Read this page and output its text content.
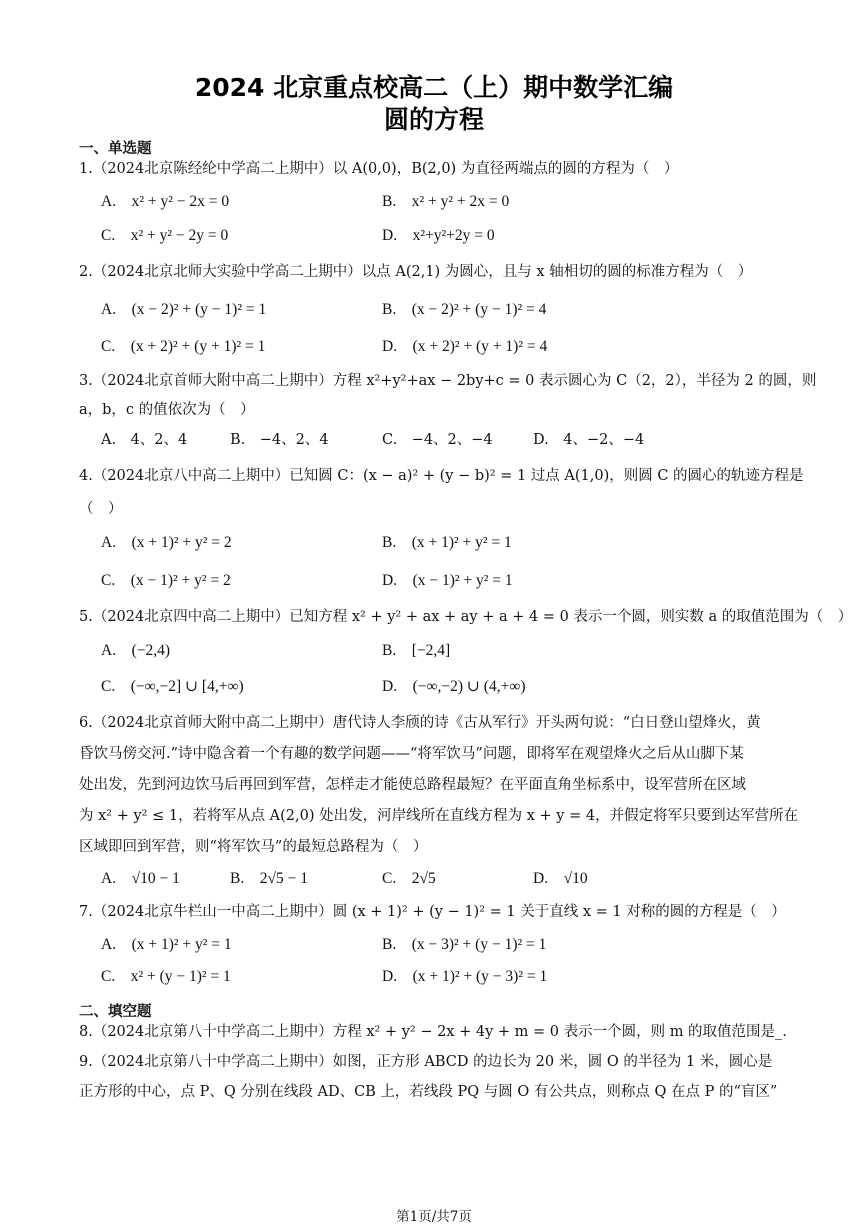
2024 北京重点校高二（上）期中数学汇编
圆的方程
一、单选题
1.（2024北京陈经纶中学高二上期中）以 A(0,0)，B(2,0) 为直径两端点的圆的方程为（　）
A.　x² + y² − 2x = 0	B.　x² + y² + 2x = 0
C.　x² + y² − 2y = 0	D.　x²+y²+2y = 0
2.（2024北京北师大实验中学高二上期中）以点 A(2,1) 为圆心，且与 x 轴相切的圆的标准方程为（　）
A.　(x − 2)² + (y − 1)² = 1	B.　(x − 2)² + (y − 1)² = 4
C.　(x + 2)² + (y + 1)² = 1	D.　(x + 2)² + (y + 1)² = 4
3.（2024北京首师大附中高二上期中）方程 x²+y²+ax − 2by+c = 0 表示圆心为 C（2，2），半径为 2 的圆，则
a，b，c 的值依次为（　）
A.　4、2、4	B.　−4、2、4	C.　−4、2、−4	D.　4、−2、−4
4.（2024北京八中高二上期中）已知圆 C：(x − a)² + (y − b)² = 1 过点 A(1,0)，则圆 C 的圆心的轨迹方程是
（　）
A.　(x + 1)² + y² = 2	B.　(x + 1)² + y² = 1
C.　(x − 1)² + y² = 2	D.　(x − 1)² + y² = 1
5.（2024北京四中高二上期中）已知方程 x² + y² + ax + ay + a + 4 = 0 表示一个圆，则实数 a 的取值范围为（　）
A.　(−2,4)	B.　[−2,4]
C.　(−∞,−2] ∪ [4,+∞)	D.　(−∞,−2) ∪ (4,+∞)
6.（2024北京首师大附中高二上期中）唐代诗人李颀的诗《古从军行》开头两句说：“白日登山望烽火，黄
昏饮马傍交河.”诗中隐含着一个有趣的数学问题——“将军饮马”问题，即将军在观望烽火之后从山脚下某
处出发，先到河边饮马后再回到军营，怎样走才能使总路程最短？在平面直角坐标系中，设军营所在区域
为 x² + y² ≤ 1，若将军从点 A(2,0) 处出发，河岸线所在直线方程为 x + y = 4，并假定将军只要到达军营所在
区域即回到军营，则“将军饮马”的最短总路程为（　）
A.　√10 − 1	B.　2√5 − 1	C.　2√5	D.　√10
7.（2024北京牛栏山一中高二上期中）圆 (x + 1)² + (y − 1)² = 1 关于直线 x = 1 对称的圆的方程是（　）
A.　(x + 1)² + y² = 1	B.　(x − 3)² + (y − 1)² = 1
C.　x² + (y − 1)² = 1	D.　(x + 1)² + (y − 3)² = 1
二、填空题
8.（2024北京第八十中学高二上期中）方程 x² + y² − 2x + 4y + m = 0 表示一个圆，则 m 的取值范围是_.
9.（2024北京第八十中学高二上期中）如图，正方形 ABCD 的边长为 20 米，圆 O 的半径为 1 米，圆心是
正方形的中心，点 P、Q 分别在线段 AD、CB 上，若线段 PQ 与圆 O 有公共点，则称点 Q 在点 P 的“盲区”
第1页/共7页
